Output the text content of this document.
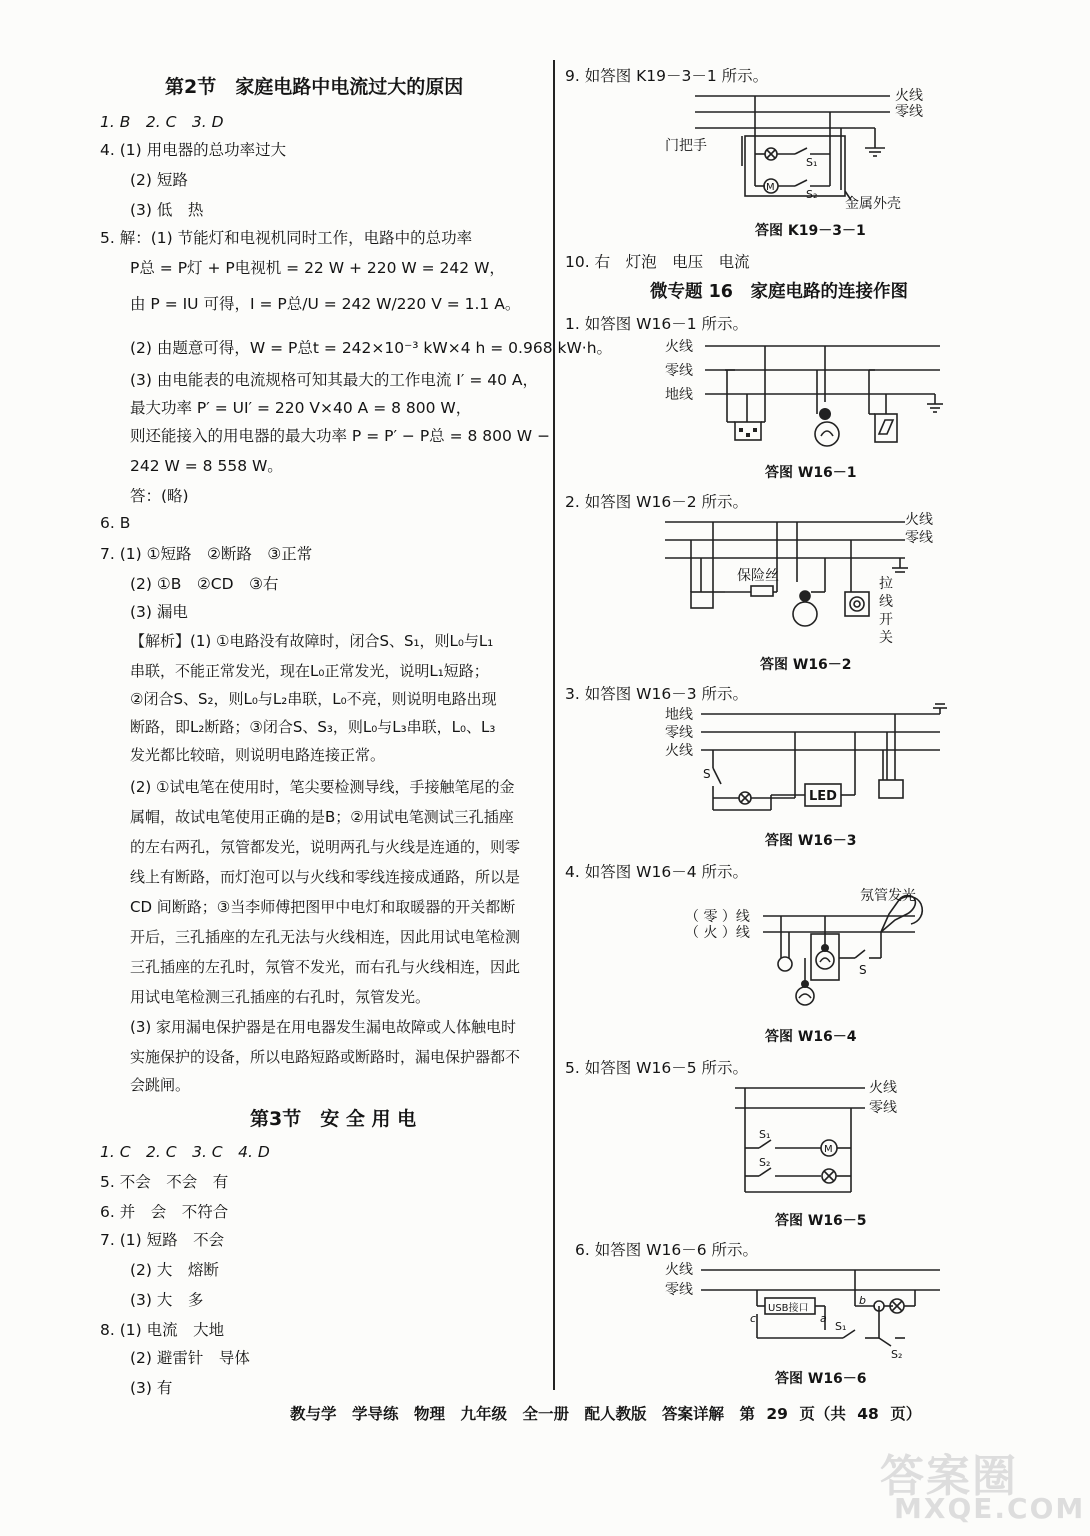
第2节　家庭电路中电流过大的原因
1. B　2. C　3. D
4. (1) 用电器的总功率过大
(2) 短路
(3) 低　热
5. 解：(1) 节能灯和电视机同时工作，电路中的总功率
P总 = P灯 + P电视机 = 22 W + 220 W = 242 W，
由 P = IU 可得，I = P总/U = 242 W/220 V = 1.1 A。
(2) 由题意可得，W = P总t = 242×10⁻³ kW×4 h = 0.968 kW·h。
(3) 由电能表的电流规格可知其最大的工作电流 I′ = 40 A，
最大功率 P′ = UI′ = 220 V×40 A = 8 800 W，
则还能接入的用电器的最大功率 P = P′ − P总 = 8 800 W −
242 W = 8 558 W。
答：(略)
6. B
7. (1) ①短路　②断路　③正常
(2) ①B　②CD　③右
(3) 漏电
【解析】(1) ①电路没有故障时，闭合S、S₁，则L₀与L₁
串联，不能正常发光，现在L₀正常发光，说明L₁短路；
②闭合S、S₂，则L₀与L₂串联，L₀不亮，则说明电路出现
断路，即L₂断路；③闭合S、S₃，则L₀与L₃串联，L₀、L₃
发光都比较暗，则说明电路连接正常。
(2) ①试电笔在使用时，笔尖要检测导线，手接触笔尾的金
属帽，故试电笔使用正确的是B；②用试电笔测试三孔插座
的左右两孔，氖管都发光，说明两孔与火线是连通的，则零
线上有断路，而灯泡可以与火线和零线连接成通路，所以是
CD 间断路；③当李师傅把图甲中电灯和取暖器的开关都断
开后，三孔插座的左孔无法与火线相连，因此用试电笔检测
三孔插座的左孔时，氖管不发光，而右孔与火线相连，因此
用试电笔检测三孔插座的右孔时，氖管发光。
(3) 家用漏电保护器是在用电器发生漏电故障或人体触电时
实施保护的设备，所以电路短路或断路时，漏电保护器都不
会跳闸。
第3节　安 全 用 电
1. C　2. C　3. C　4. D
5. 不会　不会　有
6. 并　会　不符合
7. (1) 短路　不会
(2) 大　熔断
(3) 大　多
8. (1) 电流　大地
(2) 避雷针　导体
(3) 有
9. 如答图 K19－3－1 所示。
火线
零线
门把手
S₁
S₂
M
金属外壳
答图 K19－3－1
10. 右　灯泡　电压　电流
微专题 16　家庭电路的连接作图
1. 如答图 W16－1 所示。
火线
零线
地线
答图 W16－1
2. 如答图 W16－2 所示。
火线
零线
保险丝	拉
线
开
关
答图 W16－2
3. 如答图 W16－3 所示。
地线
零线
火线
S
LED
答图 W16－3
4. 如答图 W16－4 所示。
氖管发光
（ 零 ）线
（ 火 ）线
S
答图 W16－4
5. 如答图 W16－5 所示。
火线
零线
S₁
S₂
M
答图 W16－5
6. 如答图 W16－6 所示。
火线
零线
USB接口
a
b
c
S₁
S₂
答图 W16－6
教与学　学导练　物理　九年级　全一册　配人教版　答案详解　第 29 页（共 48 页）
答案圈
MXQE.COM
